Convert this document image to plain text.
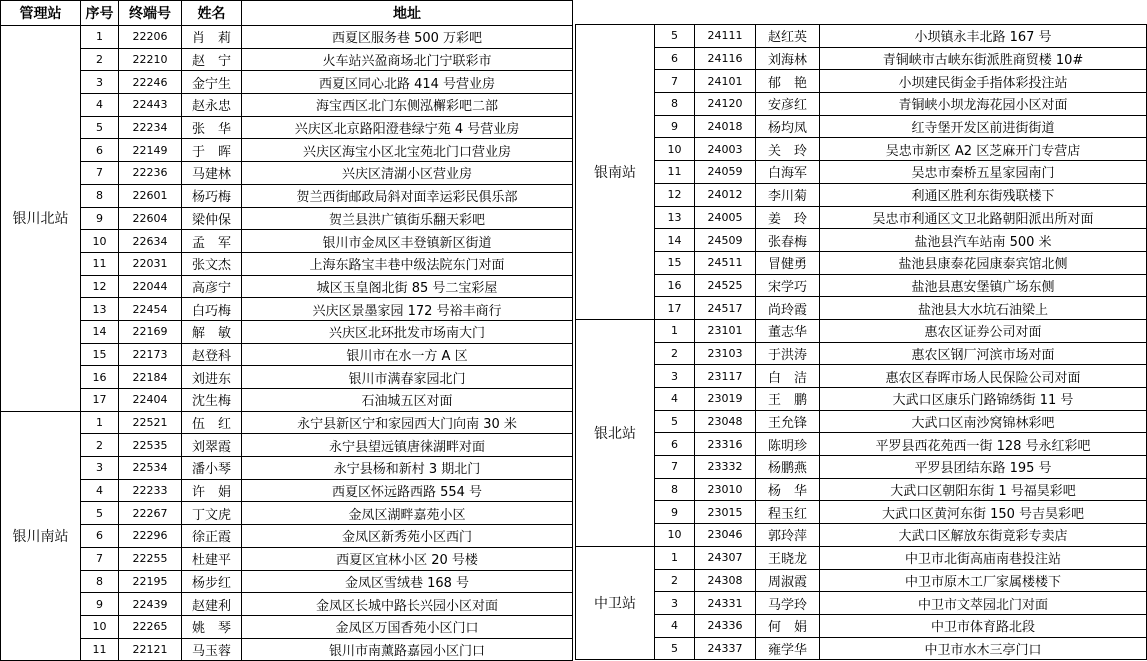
管理站	序号	终端号	姓名	地址
银川北站	1	22206	肖　莉	西夏区服务巷 500 万彩吧
	2	22210	赵　宁	火车站兴盈商场北门宁联彩市
	3	22246	金宁生	西夏区同心北路 414 号营业房
	4	22443	赵永忠	海宝西区北门东侧泓檞彩吧二部
	5	22234	张　华	兴庆区北京路阳澄巷绿宁苑 4 号营业房
	6	22149	于　晖	兴庆区海宝小区北宝苑北门口营业房
	7	22236	马建林	兴庆区清湖小区营业房
	8	22601	杨巧梅	贺兰西街邮政局斜对面幸运彩民俱乐部
	9	22604	梁仲保	贺兰县洪广镇街乐翻天彩吧
	10	22634	孟　军	银川市金凤区丰登镇新区街道
	11	22031	张文杰	上海东路宝丰巷中级法院东门对面
	12	22044	高彦宁	城区玉皇阁北街 85 号二宝彩屋
	13	22454	白巧梅	兴庆区景墨家园 172 号裕丰商行
	14	22169	解　敏	兴庆区北环批发市场南大门
	15	22173	赵登科	银川市在水一方 A 区
	16	22184	刘进东	银川市满春家园北门
	17	22404	沈生梅	石油城五区对面
银川南站	1	22521	伍　红	永宁县新区宁和家园西大门向南 30 米
	2	22535	刘翠霞	永宁县望远镇唐徕湖畔对面
	3	22534	潘小琴	永宁县杨和新村 3 期北门
	4	22233	许　娟	西夏区怀远路西路 554 号
	5	22267	丁文虎	金凤区湖畔嘉苑小区
	6	22296	徐正霞	金凤区新秀苑小区西门
	7	22255	杜建平	西夏区宜林小区 20 号楼
	8	22195	杨步红	金凤区雪绒巷 168 号
	9	22439	赵建利	金凤区长城中路长兴园小区对面
	10	22265	姚　琴	金凤区万国香苑小区门口
	11	22121	马玉蓉	银川市南薰路嘉园小区门口
银南站	5	24111	赵红英	小坝镇永丰北路 167 号
	6	24116	刘海林	青铜峡市古峡东街派胜商贸楼 10#
	7	24101	郁　艳	小坝建民街金手指体彩投注站
	8	24120	安彦红	青铜峡小坝龙海花园小区对面
	9	24018	杨均凤	红寺堡开发区前进街街道
	10	24003	关　玲	吴忠市新区 A2 区芝麻开门专营店
	11	24059	白海军	吴忠市秦桥五星家园南门
	12	24012	李川菊	利通区胜利东街残联楼下
	13	24005	姜　玲	吴忠市利通区文卫北路朝阳派出所对面
	14	24509	张春梅	盐池县汽车站南 500 米
	15	24511	冒健勇	盐池县康泰花园康泰宾馆北侧
	16	24525	宋学巧	盐池县惠安堡镇广场东侧
	17	24517	尚玲霞	盐池县大水坑石油梁上
银北站	1	23101	董志华	惠农区证券公司对面
	2	23103	于洪涛	惠农区钢厂河滨市场对面
	3	23117	白　洁	惠农区春晖市场人民保险公司对面
	4	23019	王　鹏	大武口区康乐门路锦绣街 11 号
	5	23048	王允锋	大武口区南沙窝锦林彩吧
	6	23316	陈明珍	平罗县西花苑西一街 128 号永红彩吧
	7	23332	杨鹏燕	平罗县团结东路 195 号
	8	23010	杨　华	大武口区朝阳东街 1 号福昊彩吧
	9	23015	程玉红	大武口区黄河东街 150 号吉昊彩吧
	10	23046	郭玲萍	大武口区解放东街竟彩专卖店
中卫站	1	24307	王晓龙	中卫市北街高庙南巷投注站
	2	24308	周淑霞	中卫市原木工厂家属楼楼下
	3	24331	马学玲	中卫市文萃园北门对面
	4	24336	何　娟	中卫市体育路北段
	5	24337	雍学华	中卫市水木三亭门口
